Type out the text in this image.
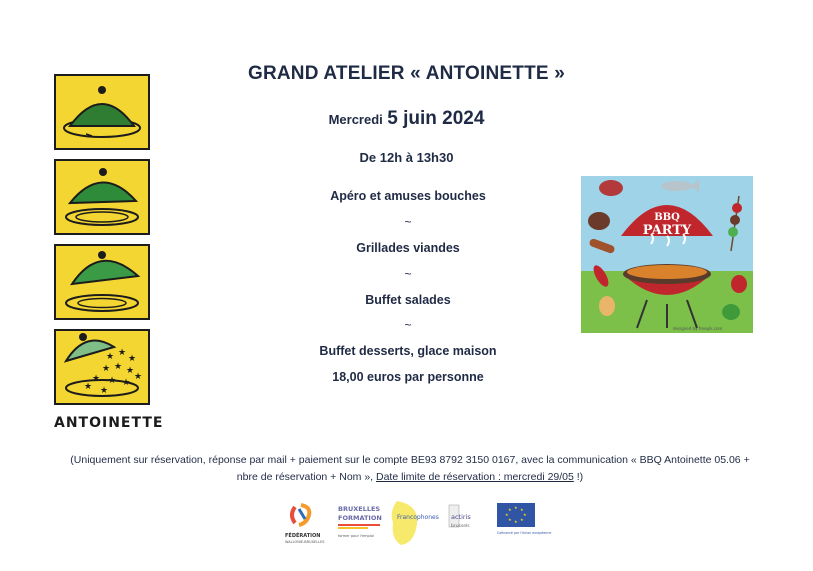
GRAND ATELIER « ANTOINETTE »
Mercredi 5 juin 2024
De 12h à 13h30
Apéro et amuses bouches
~
Grillades viandes
~
Buffet salades
~
Buffet desserts, glace maison
18,00 euros par personne
★ ★
★
★ ★
★
★ ★ ★
★
★ ★
ANTOINETTE
BBQ
PARTY
designed by freepik.com
(Uniquement sur réservation, réponse par mail + paiement sur le compte BE93 8792 3150 0167, avec la communication « BBQ Antoinette 05.06 + nbre de réservation + Nom », Date limite de réservation : mercredi 29/05 !)
FÉDÉRATION
WALLONIE-BRUXELLES
BRUXELLES
FORMATION
former pour l'emploi
Francophones actiris
brussels
★ ★
★
★
★
★
★
★
Cofinancé par l'Union européenne
